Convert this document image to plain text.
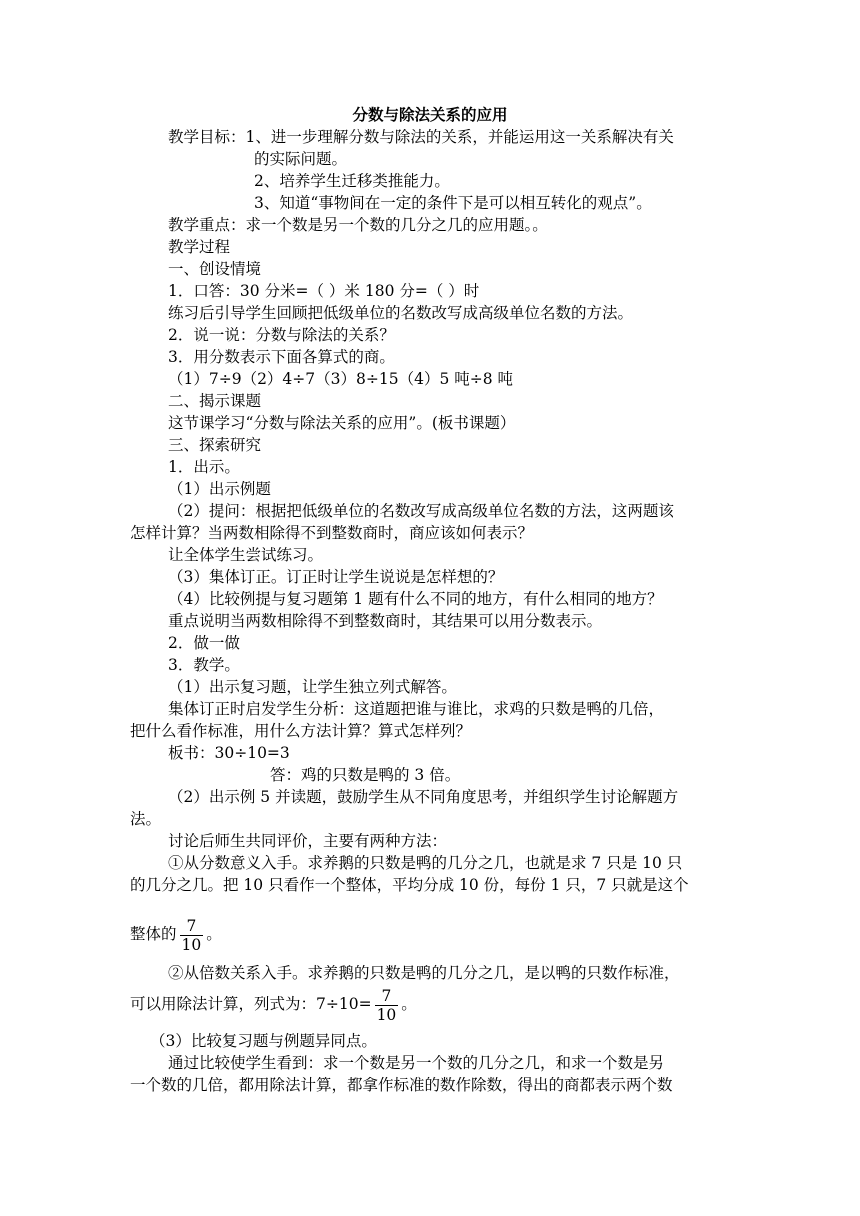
分数与除法关系的应用

教学目标：1、进一步理解分数与除法的关系，并能运用这一关系解决有关

的实际问题。

2、培养学生迁移类推能力。

3、知道“事物间在一定的条件下是可以相互转化的观点”。

教学重点：求一个数是另一个数的几分之几的应用题。。

教学过程

一、创设情境

1．口答：30 分米=（ ）米 180 分=（ ）时

练习后引导学生回顾把低级单位的名数改写成高级单位名数的方法。

2．说一说：分数与除法的关系？

3．用分数表示下面各算式的商。

（1）7÷9（2）4÷7（3）8÷15（4）5 吨÷8 吨

二、揭示课题

这节课学习“分数与除法关系的应用”。(板书课题）

三、探索研究

1．出示。

（1）出示例题

（2）提问：根据把低级单位的名数改写成高级单位名数的方法，这两题该

怎样计算？当两数相除得不到整数商时，商应该如何表示？

让全体学生尝试练习。

（3）集体订正。订正时让学生说说是怎样想的？

（4）比较例提与复习题第 1 题有什么不同的地方，有什么相同的地方？

重点说明当两数相除得不到整数商时，其结果可以用分数表示。

2．做一做

3．教学。

（1）出示复习题，让学生独立列式解答。

集体订正时启发学生分析：这道题把谁与谁比，求鸡的只数是鸭的几倍，

把什么看作标准，用什么方法计算？算式怎样列？

板书：30÷10=3

答：鸡的只数是鸭的 3 倍。

（2）出示例 5 并读题，鼓励学生从不同角度思考，并组织学生讨论解题方

法。

讨论后师生共同评价，主要有两种方法：

①从分数意义入手。求养鹅的只数是鸭的几分之几，也就是求 7 只是 10 只

的几分之几。把 10 只看作一个整体，平均分成 10 份，每份 1 只，7 只就是这个

整体的 $\frac{7}{10}$ 。

②从倍数关系入手。求养鹅的只数是鸭的几分之几，是以鸭的只数作标准，

可以用除法计算，列式为：$7\div 10= \frac{7}{10}$ 。

（3）比较复习题与例题异同点。

通过比较使学生看到：求一个数是另一个数的几分之几，和求一个数是另

一个数的几倍，都用除法计算，都拿作标准的数作除数，得出的商都表示两个数
